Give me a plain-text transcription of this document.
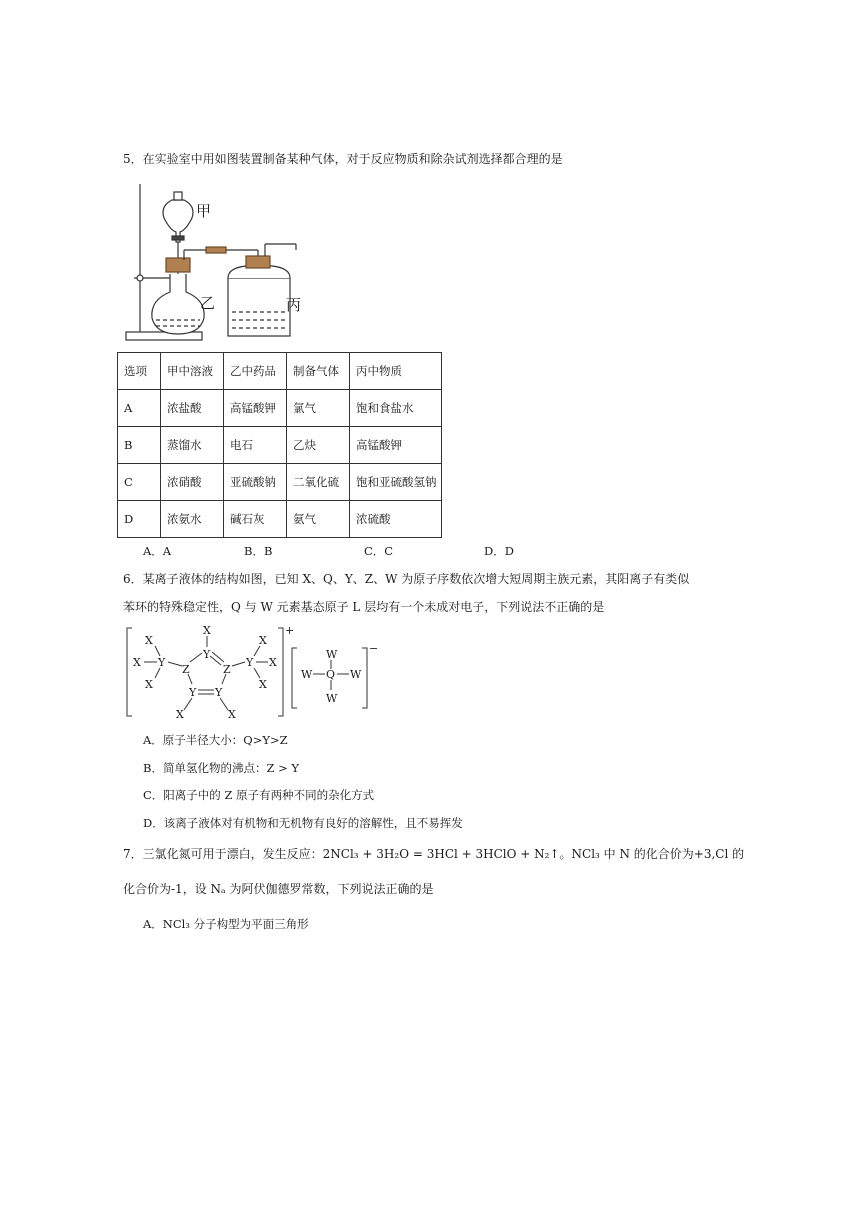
5．在实验室中用如图装置制备某种气体，对于反应物质和除杂试剂选择都合理的是
甲
乙	丙
选项	甲中溶液	乙中药品	制备气体	丙中物质
A	浓盐酸	高锰酸钾	氯气	饱和食盐水
B	蒸馏水	电石	乙炔	高锰酸钾
C	浓硝酸	亚硫酸钠	二氧化硫	饱和亚硫酸氢钠
D	浓氨水	碱石灰	氨气	浓硫酸
A．A	B．B	C．C	D．D
6．某离子液体的结构如图，已知 X、Q、Y、Z、W 为原子序数依次增大短周期主族元素，其阳离子有类似
苯环的特殊稳定性，Q 与 W 元素基态原子 L 层均有一个未成对电子，下列说法不正确的是
X
X Y
X
Z
X
Y
Z
Y Y
X	X
Y
X
X
X
+
W
W Q W
W
−
A．原子半径大小：Q>Y>Z
B．简单氢化物的沸点：Z > Y
C．阳离子中的 Z 原子有两种不同的杂化方式
D．该离子液体对有机物和无机物有良好的溶解性，且不易挥发
7．三氯化氮可用于漂白，发生反应：2NCl₃ + 3H₂O = 3HCl + 3HClO + N₂↑。NCl₃ 中 N 的化合价为+3,Cl 的
化合价为-1，设 Nₐ 为阿伏伽德罗常数，下列说法正确的是
A．NCl₃ 分子构型为平面三角形
